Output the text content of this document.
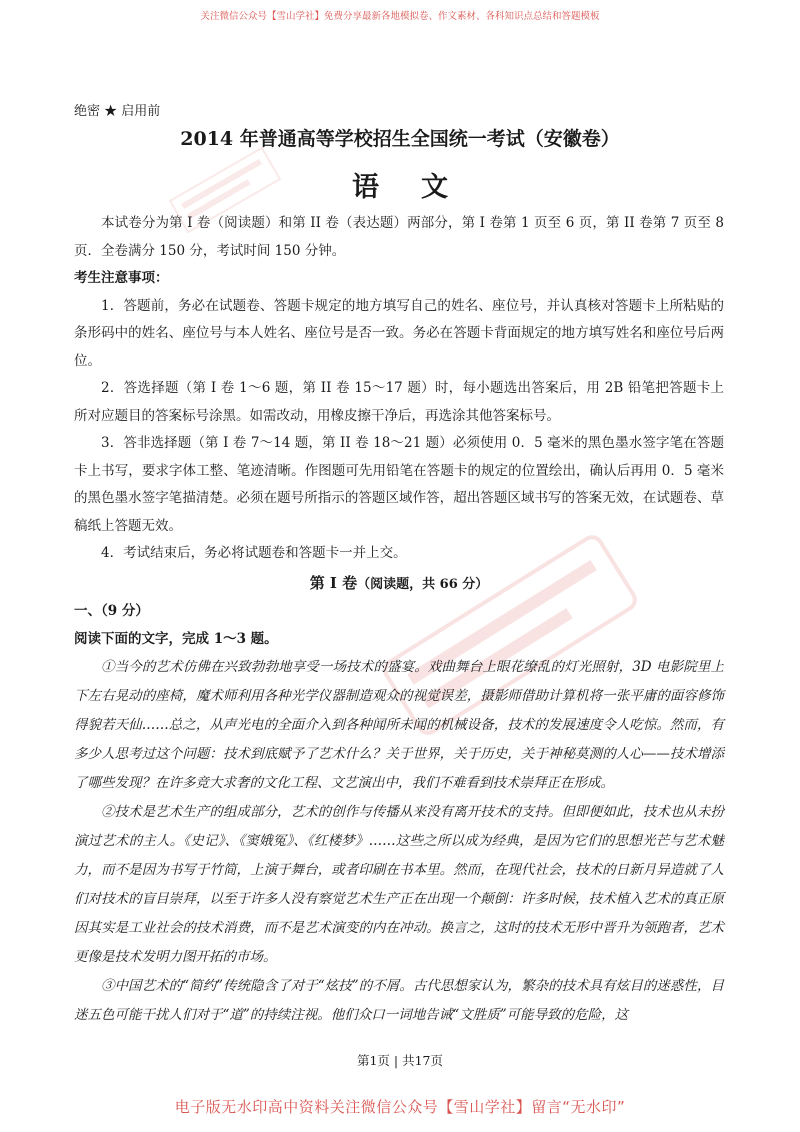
关注微信公众号【雪山学社】免费分享最新各地模拟卷、作文素材、各科知识点总结和答题模板
绝密 ★ 启用前
2014 年普通高等学校招生全国统一考试（安徽卷）
语文

本试卷分为第 I 卷（阅读题）和第 II 卷（表达题）两部分，第 I 卷第 1 页至 6 页，第 II 卷第 7 页至 8 页．全卷满分 150 分，考试时间 150 分钟。

考生注意事项：

1．答题前，务必在试题卷、答题卡规定的地方填写自己的姓名、座位号，并认真核对答题卡上所粘贴的条形码中的姓名、座位号与本人姓名、座位号是否一致。务必在答题卡背面规定的地方填写姓名和座位号后两位。

2．答选择题（第 I 卷 1～6 题，第 II 卷 15～17 题）时，每小题选出答案后，用 2B 铅笔把答题卡上所对应题目的答案标号涂黑。如需改动，用橡皮擦干净后，再选涂其他答案标号。

3．答非选择题（第 I 卷 7～14 题，第 II 卷 18～21 题）必须使用 0．5 毫米的黑色墨水签字笔在答题卡上书写，要求字体工整、笔迹清晰。作图题可先用铅笔在答题卡的规定的位置绘出，确认后再用 0．5 毫米的黑色墨水签字笔描清楚。必须在题号所指示的答题区域作答，超出答题区域书写的答案无效，在试题卷、草稿纸上答题无效。

4．考试结束后，务必将试题卷和答题卡一并上交。

第 I 卷（阅读题，共 66 分）

一、（9 分）

阅读下面的文字，完成 1～3 题。

①当今的艺术仿佛在兴致勃勃地享受一场技术的盛宴。戏曲舞台上眼花缭乱的灯光照射，3D 电影院里上下左右晃动的座椅，魔术师利用各种光学仪器制造观众的视觉误差，摄影师借助计算机将一张平庸的面容修饰得貌若天仙……总之，从声光电的全面介入到各种闻所未闻的机械设备，技术的发展速度令人吃惊。然而，有多少人思考过这个问题：技术到底赋予了艺术什么？关于世界，关于历史，关于神秘莫测的人心——技术增添了哪些发现？在许多竞大求奢的文化工程、文艺演出中，我们不难看到技术崇拜正在形成。

②技术是艺术生产的组成部分，艺术的创作与传播从来没有离开技术的支持。但即便如此，技术也从未扮演过艺术的主人。《史记》、《窦娥冤》、《红楼梦》……这些之所以成为经典，是因为它们的思想光芒与艺术魅力，而不是因为书写于竹简，上演于舞台，或者印刷在书本里。然而，在现代社会，技术的日新月异造就了人们对技术的盲目崇拜，以至于许多人没有察觉艺术生产正在出现一个颠倒：许多时候，技术植入艺术的真正原因其实是工业社会的技术消费，而不是艺术演变的内在冲动。换言之，这时的技术无形中晋升为领跑者，艺术更像是技术发明力图开拓的市场。

③中国艺术的“简约”传统隐含了对于“炫技”的不屑。古代思想家认为，繁杂的技术具有炫目的迷惑性，目迷五色可能干扰人们对于“道”的持续注视。他们众口一词地告诫“文胜质”可能导致的危险，这

第1页 | 共17页
电子版无水印高中资料关注微信公众号【雪山学社】留言“无水印”
